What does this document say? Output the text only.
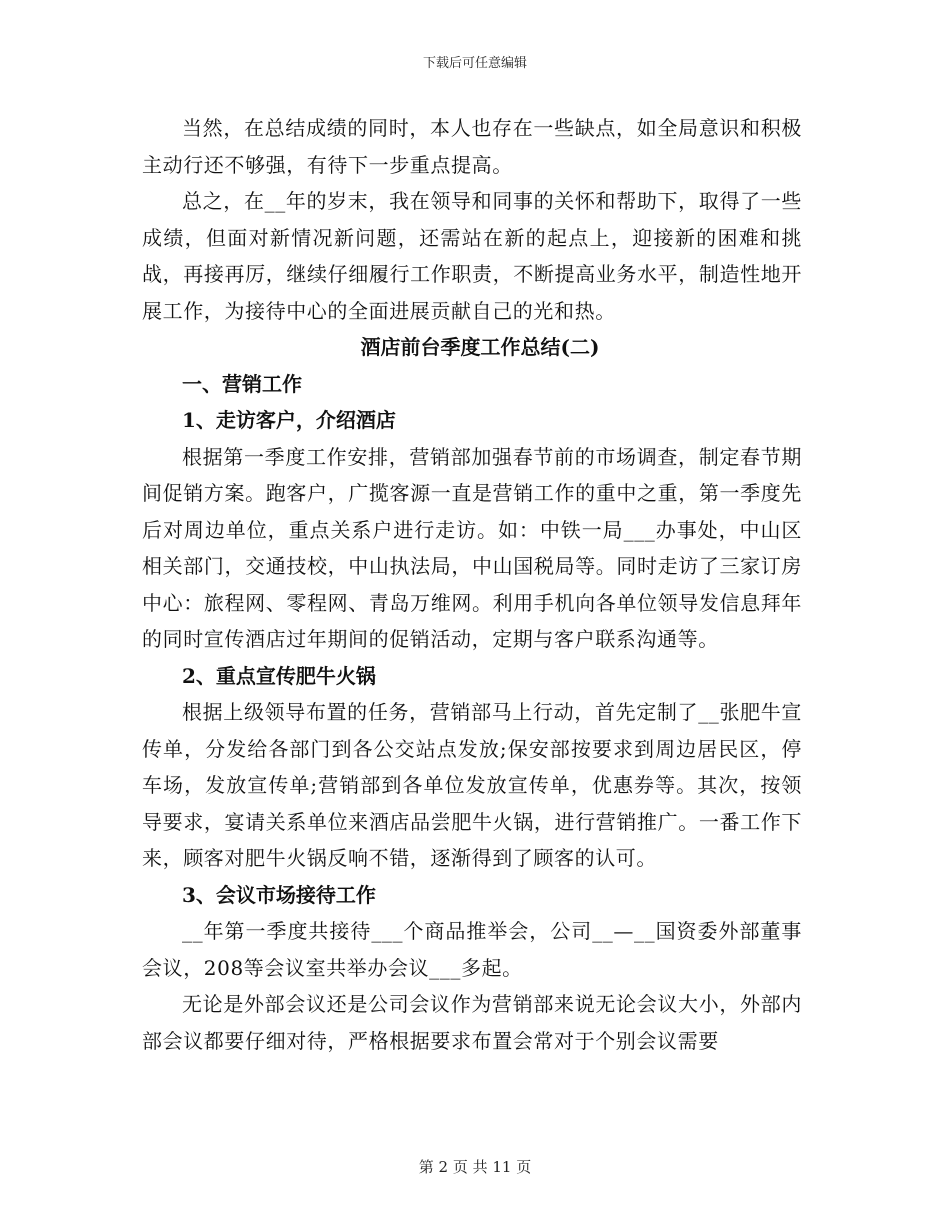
下载后可任意编辑

当然，在总结成绩的同时，本人也存在一些缺点，如全局意识和积极主动行还不够强，有待下一步重点提高。

总之，在__年的岁末，我在领导和同事的关怀和帮助下，取得了一些成绩，但面对新情况新问题，还需站在新的起点上，迎接新的困难和挑战，再接再厉，继续仔细履行工作职责，不断提高业务水平，制造性地开展工作，为接待中心的全面进展贡献自己的光和热。

酒店前台季度工作总结(二)

一、营销工作

1、走访客户，介绍酒店

根据第一季度工作安排，营销部加强春节前的市场调查，制定春节期间促销方案。跑客户，广揽客源一直是营销工作的重中之重，第一季度先后对周边单位，重点关系户进行走访。如：中铁一局___办事处，中山区相关部门，交通技校，中山执法局，中山国税局等。同时走访了三家订房中心：旅程网、零程网、青岛万维网。利用手机向各单位领导发信息拜年的同时宣传酒店过年期间的促销活动，定期与客户联系沟通等。

2、重点宣传肥牛火锅

根据上级领导布置的任务，营销部马上行动，首先定制了__张肥牛宣传单，分发给各部门到各公交站点发放;保安部按要求到周边居民区，停车场，发放宣传单;营销部到各单位发放宣传单，优惠券等。其次，按领导要求，宴请关系单位来酒店品尝肥牛火锅，进行营销推广。一番工作下来，顾客对肥牛火锅反响不错，逐渐得到了顾客的认可。

3、会议市场接待工作

__年第一季度共接待___个商品推举会，公司__—__国资委外部董事会议，208等会议室共举办会议___多起。

无论是外部会议还是公司会议作为营销部来说无论会议大小，外部内部会议都要仔细对待，严格根据要求布置会常对于个别会议需要

第 2 页 共 11 页
